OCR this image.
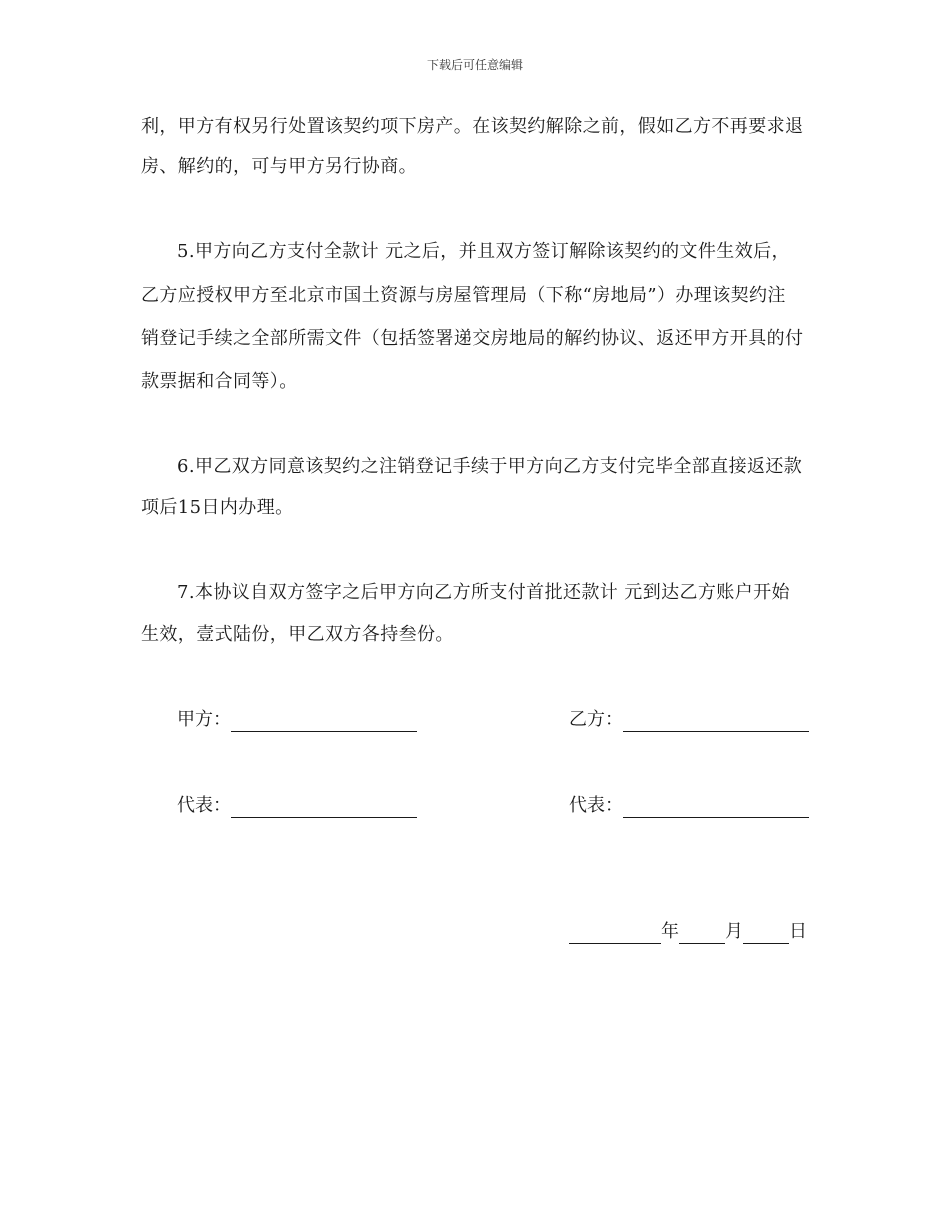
下载后可任意编辑
利，甲方有权另行处置该契约项下房产。在该契约解除之前，假如乙方不再要求退
房、解约的，可与甲方另行协商。
5.甲方向乙方支付全款计 元之后，并且双方签订解除该契约的文件生效后，
乙方应授权甲方至北京市国土资源与房屋管理局（下称“房地局”）办理该契约注
销登记手续之全部所需文件（包括签署递交房地局的解约协议、返还甲方开具的付
款票据和合同等）。
6.甲乙双方同意该契约之注销登记手续于甲方向乙方支付完毕全部直接返还款
项后15日内办理。
7.本协议自双方签字之后甲方向乙方所支付首批还款计 元到达乙方账户开始
生效，壹式陆份，甲乙双方各持叁份。
甲方：	乙方：
代表：	代表：
年	月	日
